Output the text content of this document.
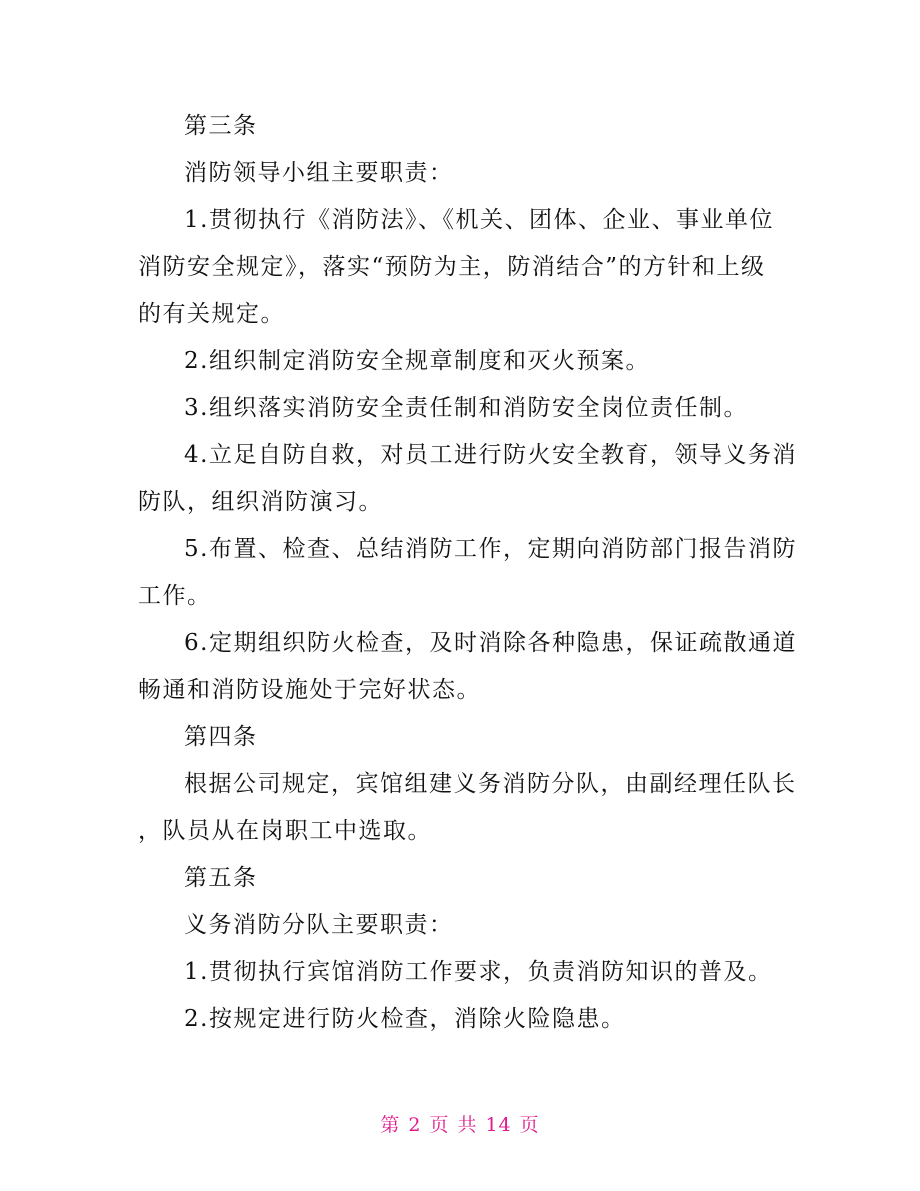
第三条
消防领导小组主要职责：
1.贯彻执行《消防法》、《机关、团体、企业、事业单位
消防安全规定》，落实“预防为主，防消结合”的方针和上级
的有关规定。
2.组织制定消防安全规章制度和灭火预案。
3.组织落实消防安全责任制和消防安全岗位责任制。
4.立足自防自救，对员工进行防火安全教育，领导义务消
防队，组织消防演习。
5.布置、检查、总结消防工作，定期向消防部门报告消防
工作。
6.定期组织防火检查，及时消除各种隐患，保证疏散通道
畅通和消防设施处于完好状态。
第四条
根据公司规定，宾馆组建义务消防分队，由副经理任队长
，队员从在岗职工中选取。
第五条
义务消防分队主要职责：
1.贯彻执行宾馆消防工作要求，负责消防知识的普及。
2.按规定进行防火检查，消除火险隐患。
第 2 页 共 14 页
